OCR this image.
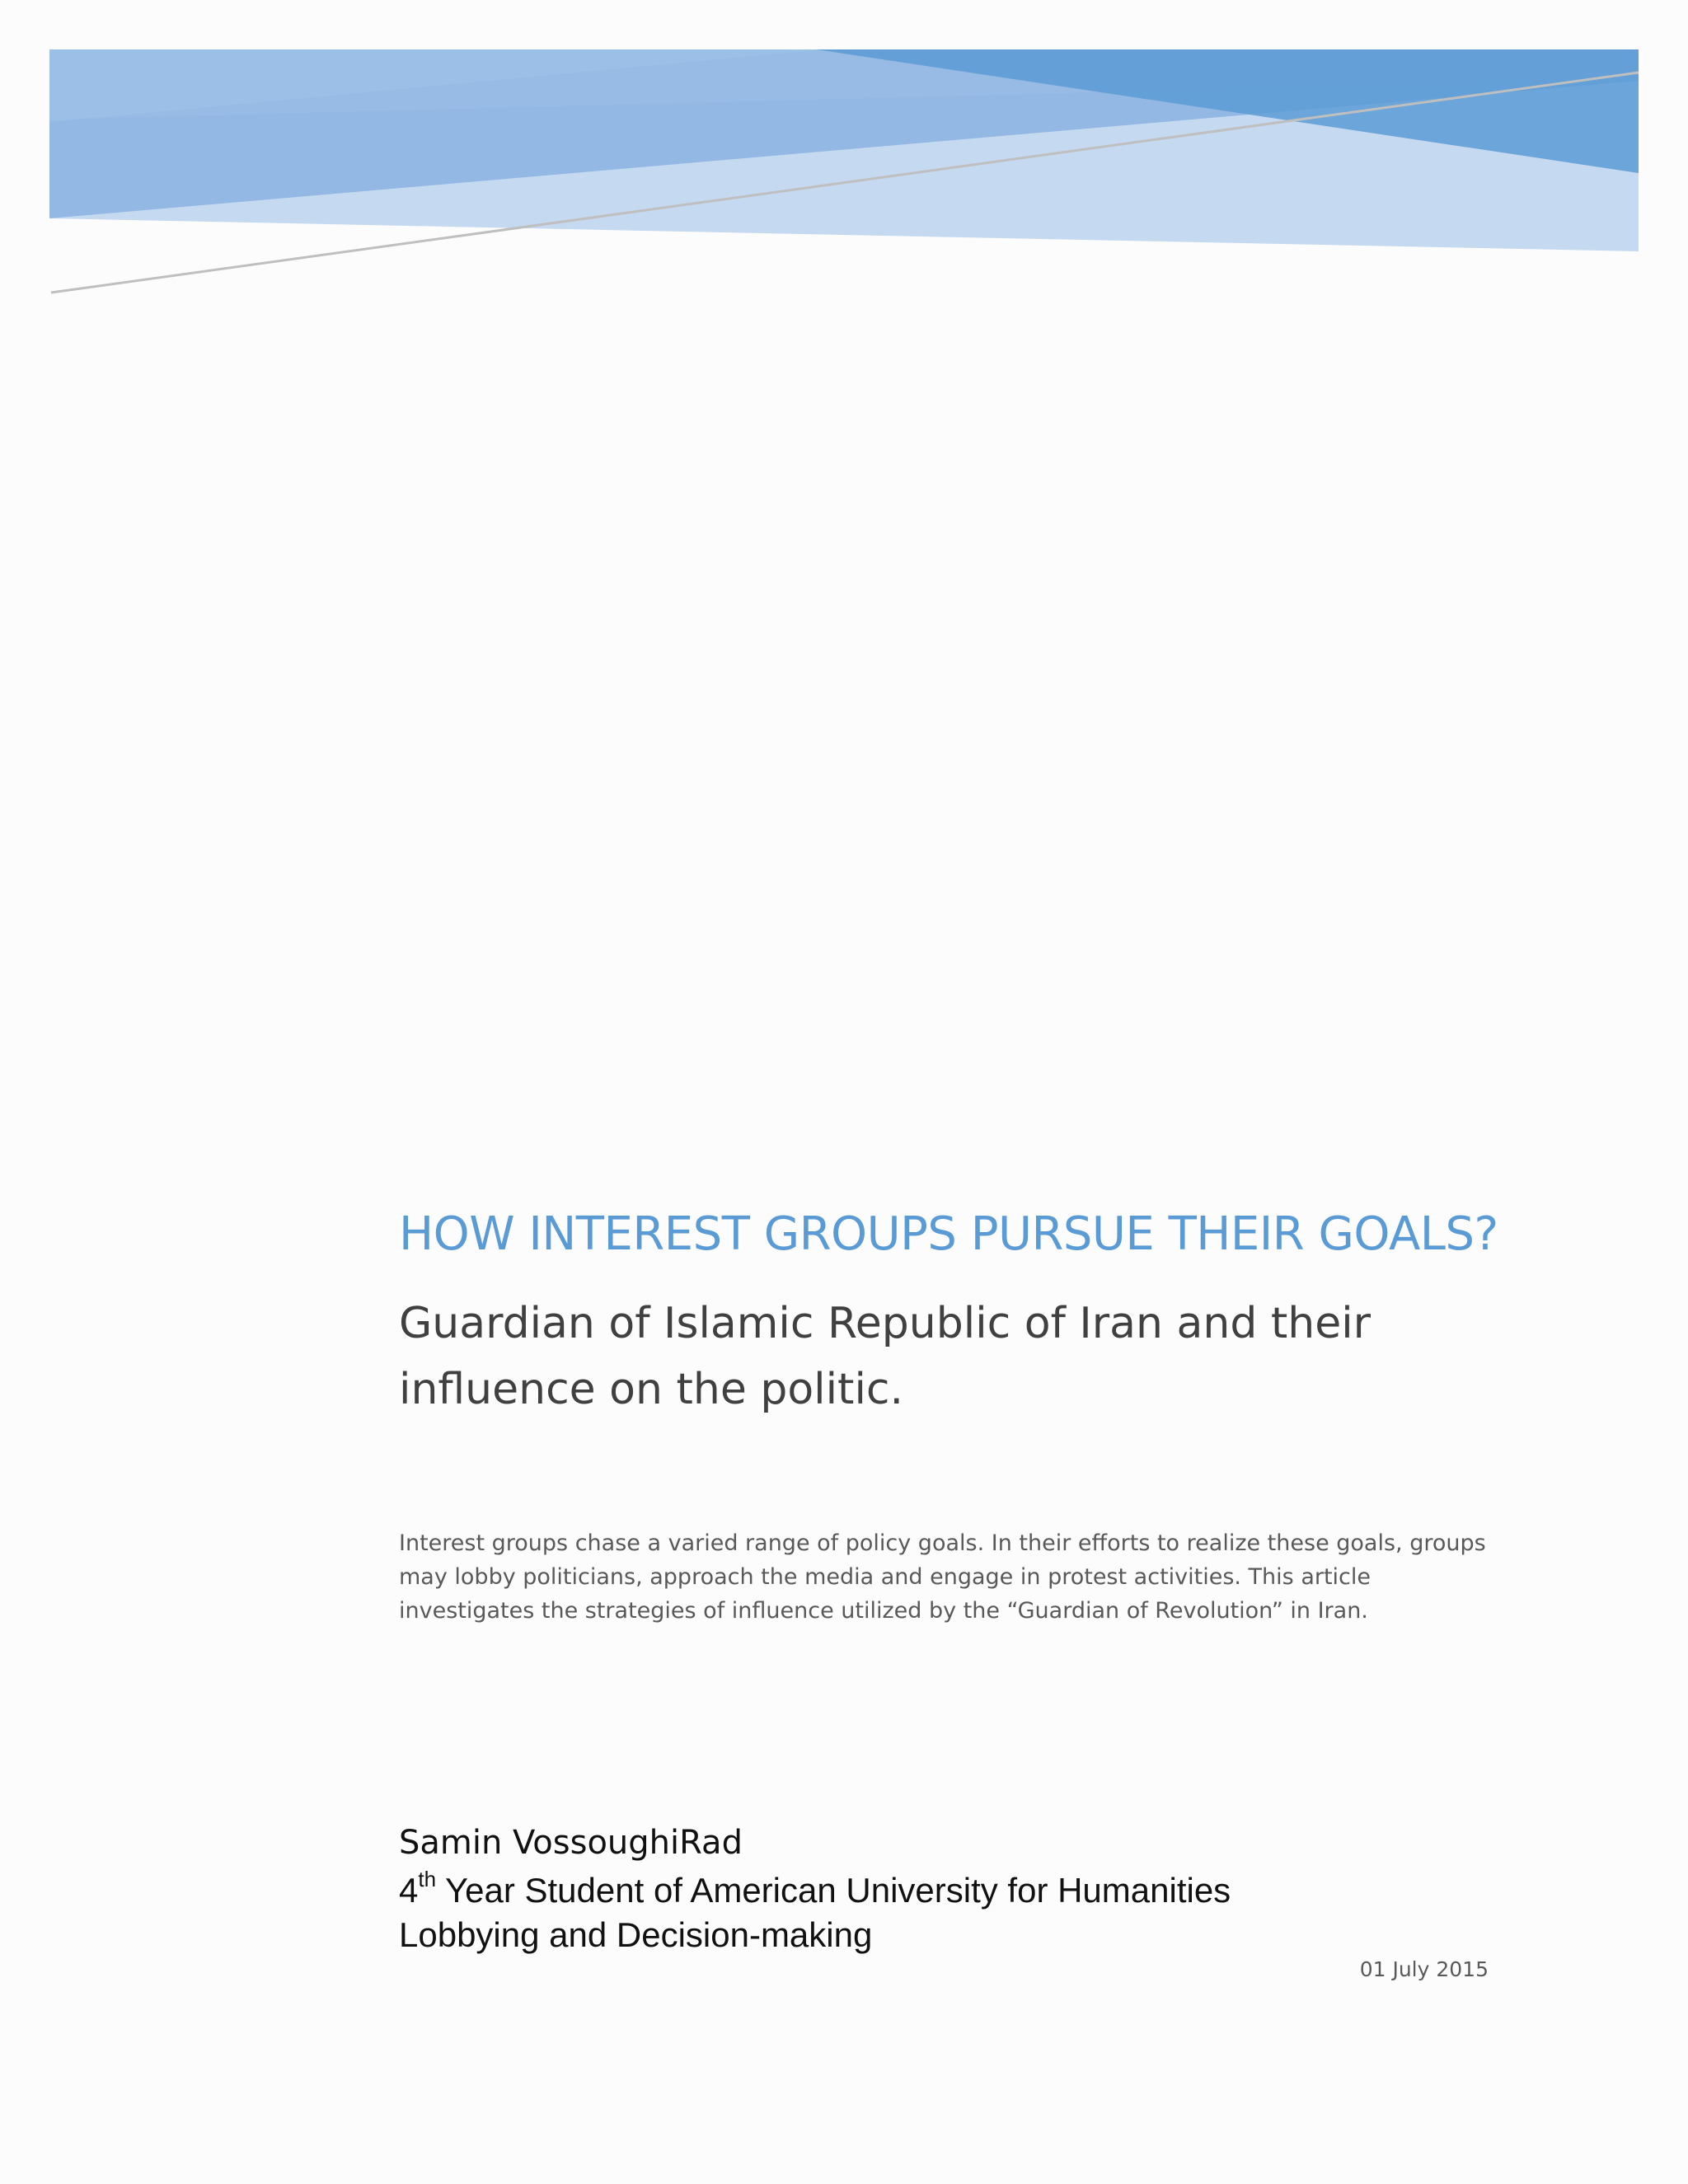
HOW INTEREST GROUPS PURSUE THEIR GOALS?
Guardian of Islamic Republic of Iran and their influence on the politic.
Interest groups chase a varied range of policy goals. In their efforts to realize these goals, groups may lobby politicians, approach the media and engage in protest activities. This article investigates the strategies of influence utilized by the “Guardian of Revolution” in Iran.
Samin VossoughiRad
4th Year Student of American University for Humanities
Lobbying and Decision-making
01 July 2015
